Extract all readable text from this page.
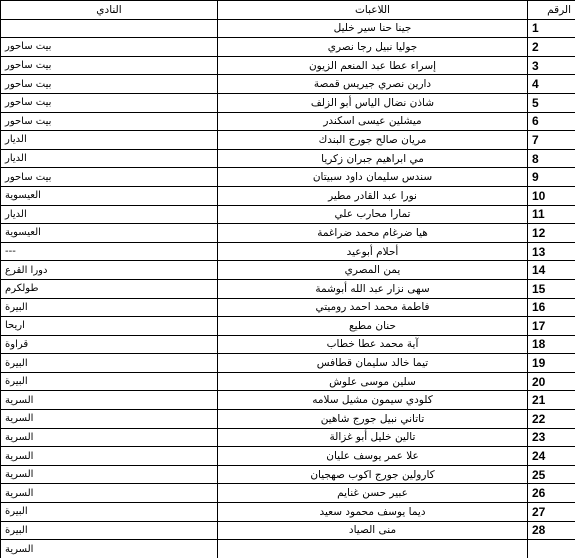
الرقم	اللاعبات	النادي
1	جينا حنا سير خليل	
2	جوليا نبيل رجا نصري	بيت ساحور
3	إسراء عطا عبد المنعم الزيون	بيت ساحور
4	دارين نصري جيريس قمصة	بيت ساحور
5	شاذن نضال الياس أبو الزلف	بيت ساحور
6	ميشلين عيسى اسكندر	بيت ساحور
7	مريان صالح جورج البندك	الديار
8	مي ابراهيم جبران زكريا	الديار
9	سندس سليمان داود سبيتان	بيت ساحور
10	نورا عبد القادر مطير	العيسوية
11	تمارا محارب علي	الديار
12	هيا ضرغام محمد ضراغمة	العيسوية
13	أحلام أبوعيد	---
14	يمن المصري	دورا القرع
15	سهى نزار عبد الله أبوشمة	طولكرم
16	فاطمة محمد احمد روميتي	البيرة
17	حنان مطيع	اريحا
18	آية محمد عطا خطاب	قراوة
19	تيما خالد سليمان قطافس	البيرة
20	سلين موسى علوش	البيرة
21	كلودي سيمون مشيل سلامه	السرية
22	تاتاني نبيل جورج شاهين	السرية
23	تالين خليل أبو غزالة	السرية
24	علا عمر يوسف عليان	السرية
25	كارولين جورج اكوب صهجيان	السرية
26	عبير حسن غنايم	السرية
27	ديما يوسف محمود سعيد	البيرة
28	منى الصياد	البيرة
		السرية
